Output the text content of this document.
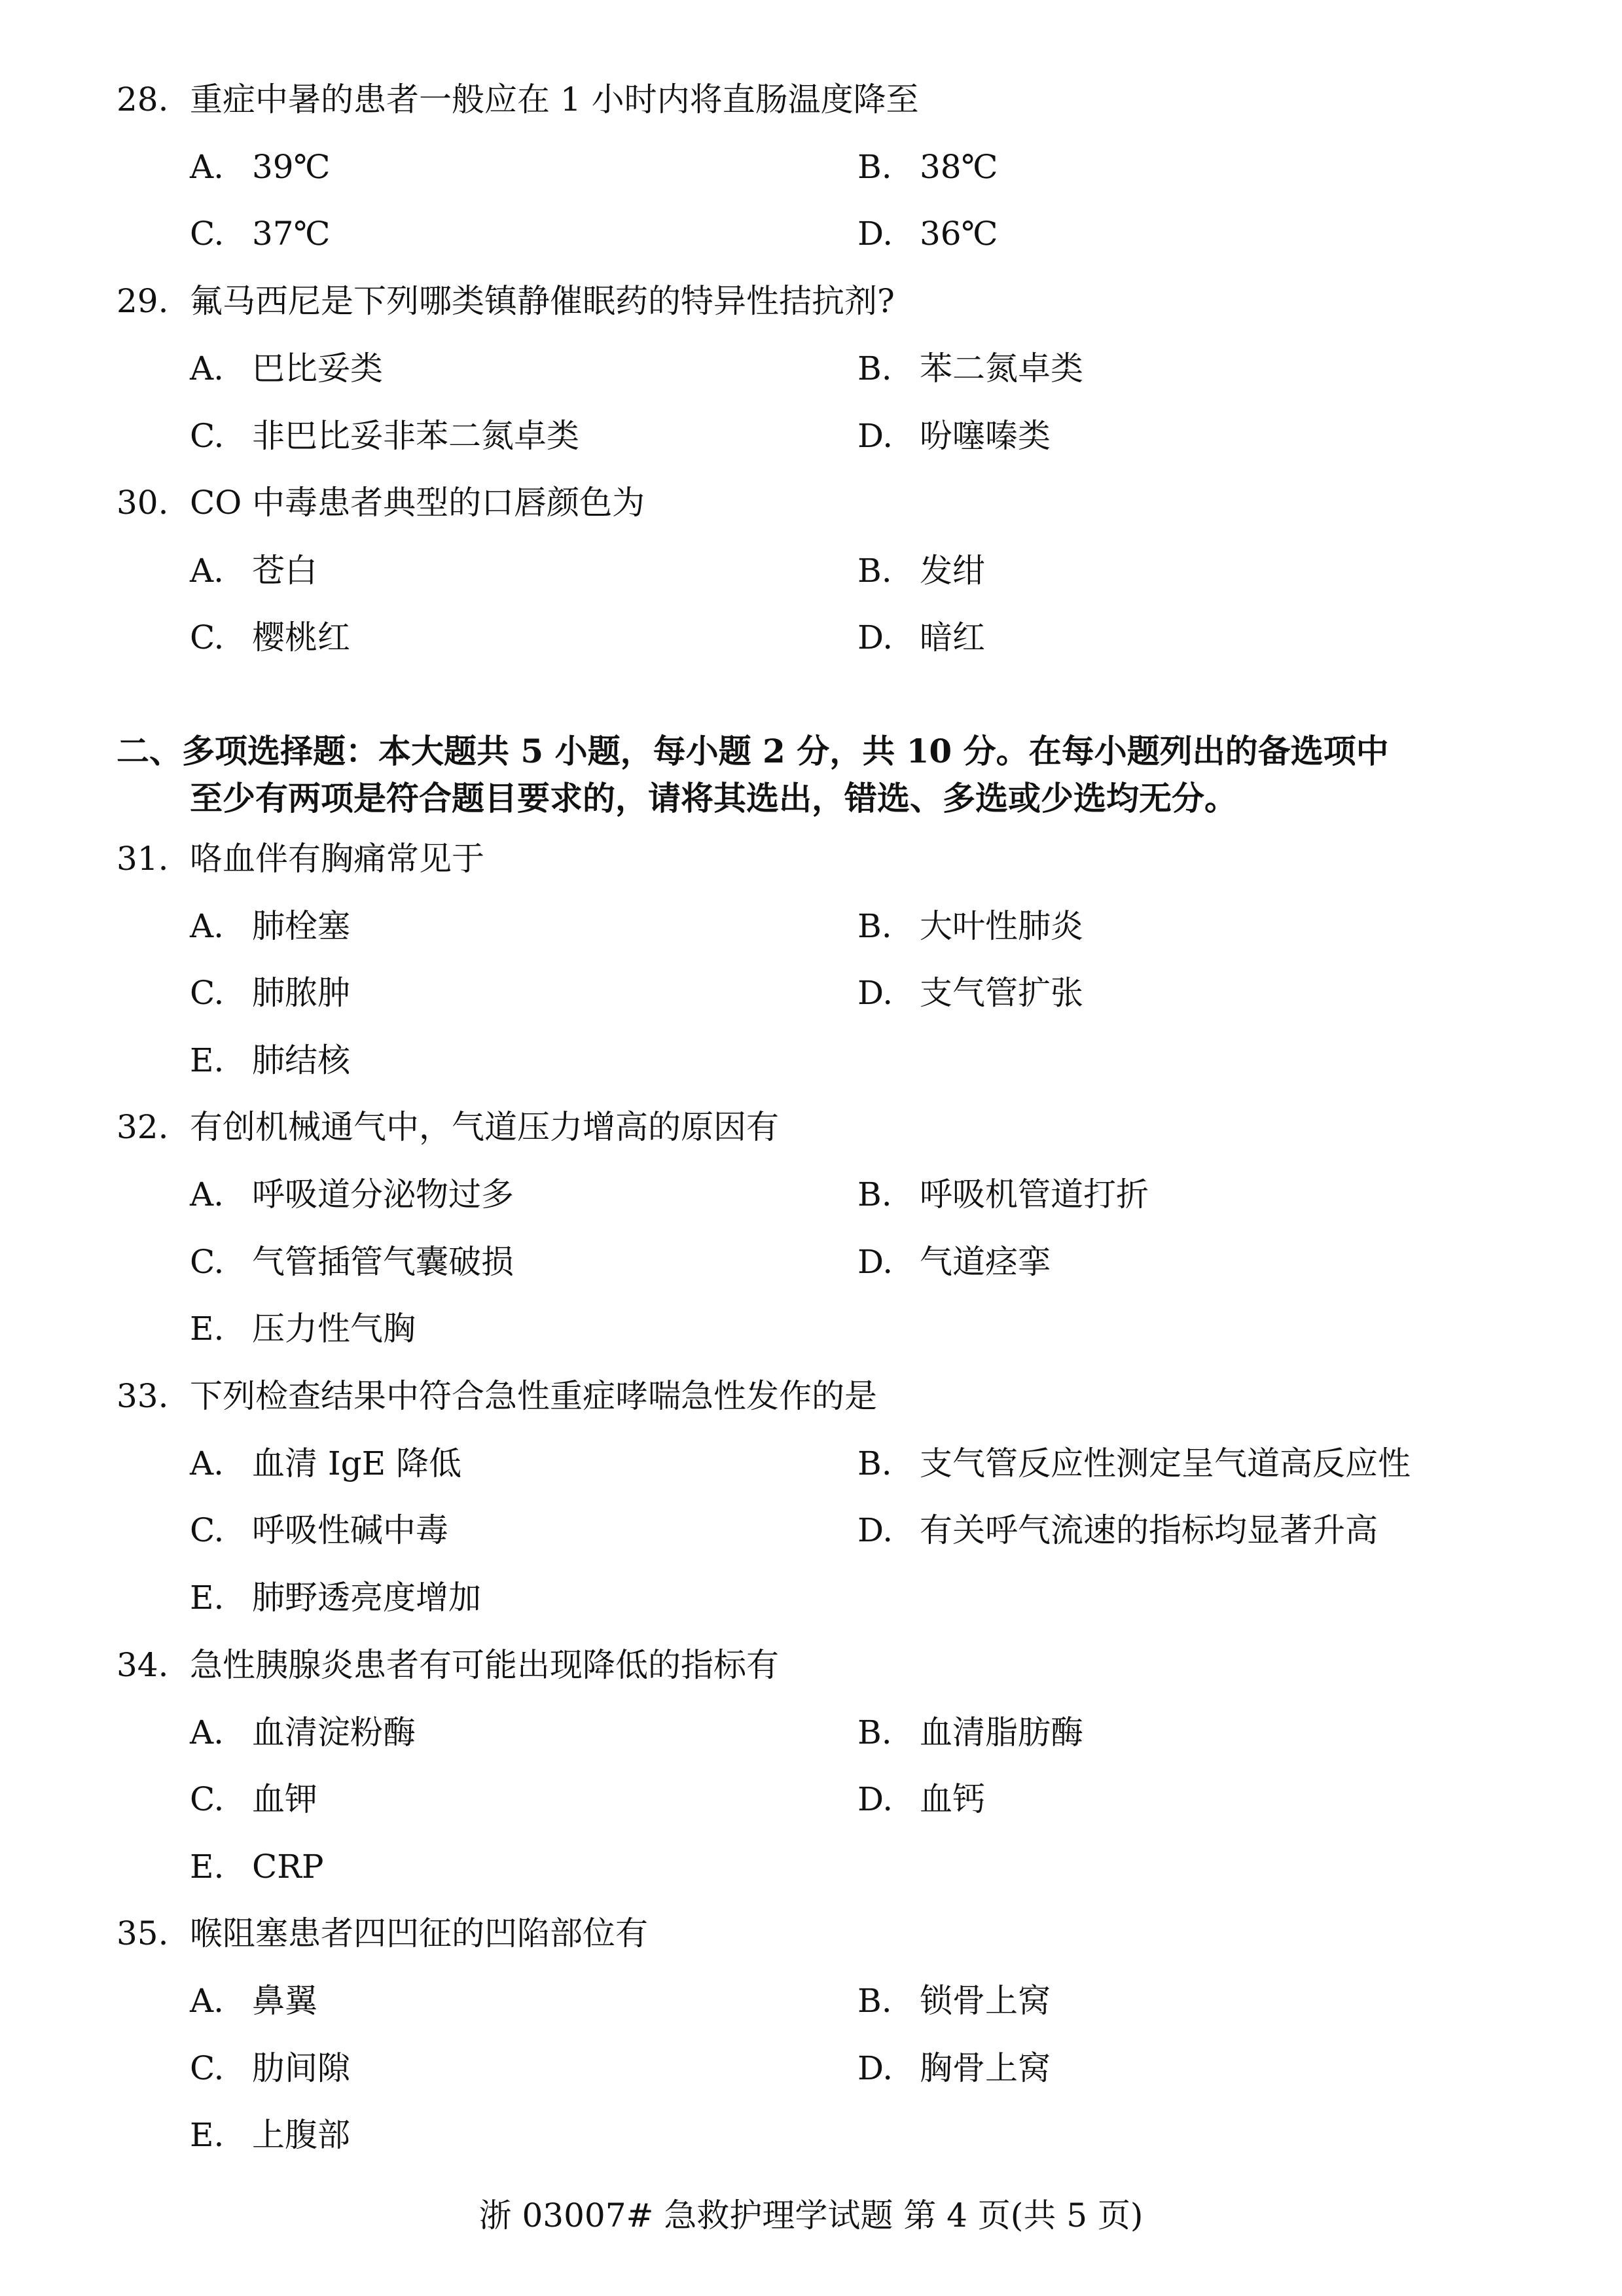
28. 重症中暑的患者一般应在 1 小时内将直肠温度降至
A. 39℃	B. 38℃
C. 37℃	D. 36℃
29. 氟马西尼是下列哪类镇静催眠药的特异性拮抗剂?
A. 巴比妥类	B. 苯二氮卓类
C. 非巴比妥非苯二氮卓类	D. 吩噻嗪类
30. CO 中毒患者典型的口唇颜色为
A. 苍白	B. 发绀
C. 樱桃红	D. 暗红
二、多项选择题：本大题共 5 小题，每小题 2 分，共 10 分。在每小题列出的备选项中
至少有两项是符合题目要求的，请将其选出，错选、多选或少选均无分。
31. 咯血伴有胸痛常见于
A. 肺栓塞	B. 大叶性肺炎
C. 肺脓肿	D. 支气管扩张
E. 肺结核
32. 有创机械通气中，气道压力增高的原因有
A. 呼吸道分泌物过多	B. 呼吸机管道打折
C. 气管插管气囊破损	D. 气道痉挛
E. 压力性气胸
33. 下列检查结果中符合急性重症哮喘急性发作的是
A. 血清 IgE 降低	B. 支气管反应性测定呈气道高反应性
C. 呼吸性碱中毒	D. 有关呼气流速的指标均显著升高
E. 肺野透亮度增加
34. 急性胰腺炎患者有可能出现降低的指标有
A. 血清淀粉酶	B. 血清脂肪酶
C. 血钾	D. 血钙
E. CRP
35. 喉阻塞患者四凹征的凹陷部位有
A. 鼻翼	B. 锁骨上窝
C. 肋间隙	D. 胸骨上窝
E. 上腹部
浙 03007# 急救护理学试题 第 4 页(共 5 页)
